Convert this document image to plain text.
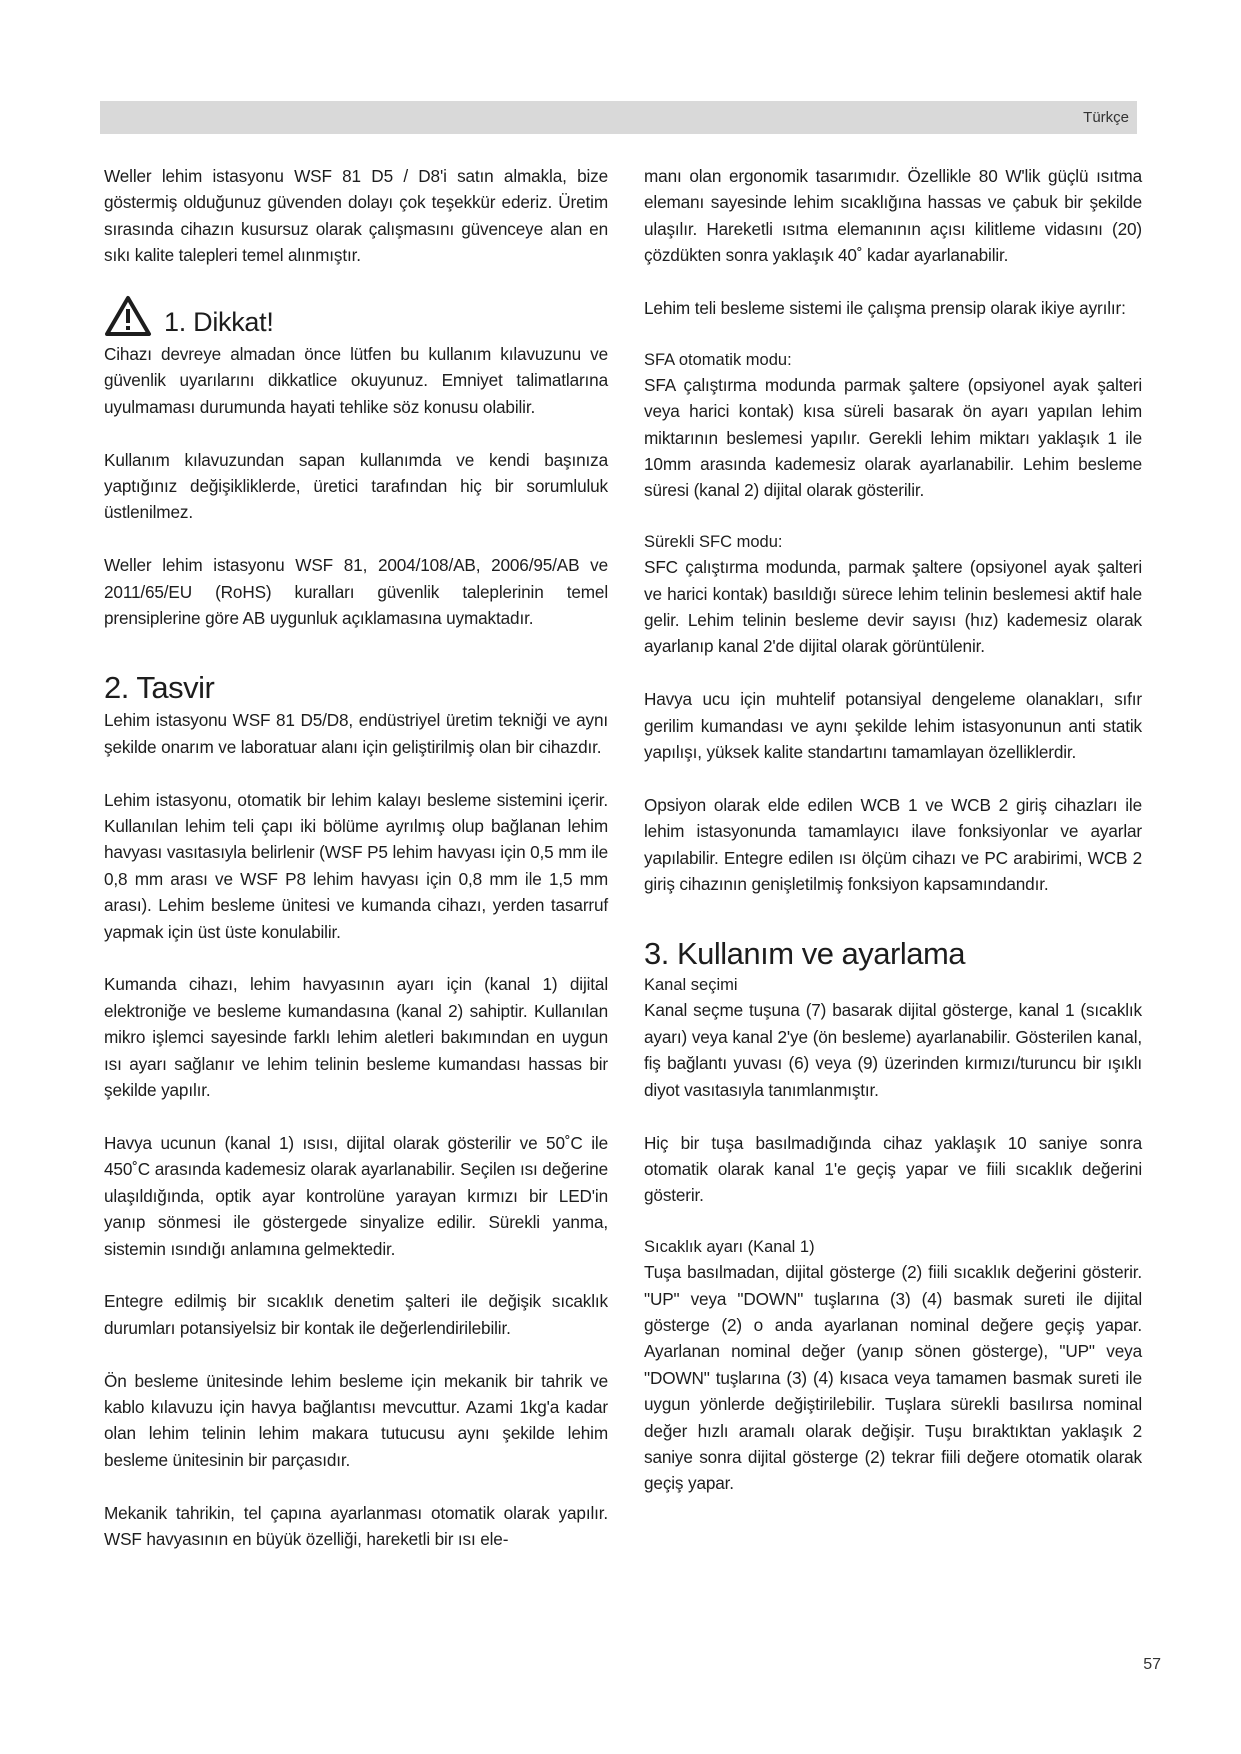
Türkçe

Weller lehim istasyonu WSF 81 D5 / D8'i satın almakla, bize göstermiş olduğunuz güvenden dolayı çok teşekkür ederiz. Üretim sırasında cihazın kusursuz olarak çalışmasını güvenceye alan en sıkı kalite talepleri temel alınmıştır.

1. Dikkat!

Cihazı devreye almadan önce lütfen bu kullanım kılavuzunu ve güvenlik uyarılarını dikkatlice okuyunuz. Emniyet talimatlarına uyulmaması durumunda hayati tehlike söz konusu olabilir.

Kullanım kılavuzundan sapan kullanımda ve kendi başınıza yaptığınız değişikliklerde, üretici tarafından hiç bir sorumluluk üstlenilmez.

Weller lehim istasyonu WSF 81, 2004/108/AB, 2006/95/AB ve 2011/65/EU (RoHS) kuralları güvenlik taleplerinin temel prensiplerine göre AB uygunluk açıklamasına uymaktadır.

2. Tasvir

Lehim istasyonu WSF 81 D5/D8, endüstriyel üretim tekniği ve aynı şekilde onarım ve laboratuar alanı için geliştirilmiş olan bir cihazdır.

Lehim istasyonu, otomatik bir lehim kalayı besleme sistemini içerir. Kullanılan lehim teli çapı iki bölüme ayrılmış olup bağlanan lehim havyası vasıtasıyla belirlenir (WSF P5 lehim havyası için 0,5 mm ile 0,8 mm arası ve WSF P8 lehim havyası için 0,8 mm ile 1,5 mm arası). Lehim besleme ünitesi ve kumanda cihazı, yerden tasarruf yapmak için üst üste konulabilir.

Kumanda cihazı, lehim havyasının ayarı için (kanal 1) dijital elektroniğe ve besleme kumandasına (kanal 2) sahiptir. Kullanılan mikro işlemci sayesinde farklı lehim aletleri bakımından en uygun ısı ayarı sağlanır ve lehim telinin besleme kumandası hassas bir şekilde yapılır.

Havya ucunun (kanal 1) ısısı, dijital olarak gösterilir ve 50˚C ile 450˚C arasında kademesiz olarak ayarlanabilir. Seçilen ısı değerine ulaşıldığında, optik ayar kontrolüne yarayan kırmızı bir LED'in yanıp sönmesi ile göstergede sinyalize edilir. Sürekli yanma, sistemin ısındığı anlamına gelmektedir.

Entegre edilmiş bir sıcaklık denetim şalteri ile değişik sıcaklık durumları potansiyelsiz bir kontak ile değerlendirilebilir.

Ön besleme ünitesinde lehim besleme için mekanik bir tahrik ve kablo kılavuzu için havya bağlantısı mevcuttur. Azami 1kg'a kadar olan lehim telinin lehim makara tutucusu aynı şekilde lehim besleme ünitesinin bir parçasıdır.

Mekanik tahrikin, tel çapına ayarlanması otomatik olarak yapılır. WSF havyasının en büyük özelliği, hareketli bir ısı ele-

manı olan ergonomik tasarımıdır. Özellikle 80 W'lik güçlü ısıtma elemanı sayesinde lehim sıcaklığına hassas ve çabuk bir şekilde ulaşılır. Hareketli ısıtma elemanının açısı kilitleme vidasını (20) çözdükten sonra yaklaşık 40˚ kadar ayarlanabilir.

Lehim teli besleme sistemi ile çalışma prensip olarak ikiye ayrılır:

SFA otomatik modu:

SFA çalıştırma modunda parmak şaltere (opsiyonel ayak şalteri veya harici kontak) kısa süreli basarak ön ayarı yapılan lehim miktarının beslemesi yapılır. Gerekli lehim miktarı yaklaşık 1 ile 10mm arasında kademesiz olarak ayarlanabilir. Lehim besleme süresi (kanal 2) dijital olarak gösterilir.

Sürekli SFC modu:

SFC çalıştırma modunda, parmak şaltere (opsiyonel ayak şalteri ve harici kontak) basıldığı sürece lehim telinin beslemesi aktif hale gelir. Lehim telinin besleme devir sayısı (hız) kademesiz olarak ayarlanıp kanal 2'de dijital olarak görüntülenir.

Havya ucu için muhtelif potansiyal dengeleme olanakları, sıfır gerilim kumandası ve aynı şekilde lehim istasyonunun anti statik yapılışı, yüksek kalite standartını tamamlayan özelliklerdir.

Opsiyon olarak elde edilen WCB 1 ve WCB 2 giriş cihazları ile lehim istasyonunda tamamlayıcı ilave fonksiyonlar ve ayarlar yapılabilir. Entegre edilen ısı ölçüm cihazı ve PC arabirimi, WCB 2 giriş cihazının genişletilmiş fonksiyon kapsamındandır.

3. Kullanım ve ayarlama
Kanal seçimi

Kanal seçme tuşuna (7) basarak dijital gösterge, kanal 1 (sıcaklık ayarı) veya kanal 2'ye (ön besleme) ayarlanabilir. Gösterilen kanal, fiş bağlantı yuvası (6) veya (9) üzerinden kırmızı/turuncu bir ışıklı diyot vasıtasıyla tanımlanmıştır.

Hiç bir tuşa basılmadığında cihaz yaklaşık 10 saniye sonra otomatik olarak kanal 1'e geçiş yapar ve fiili sıcaklık değerini gösterir.

Sıcaklık ayarı (Kanal 1)

Tuşa basılmadan, dijital gösterge (2) fiili sıcaklık değerini gösterir. "UP" veya "DOWN" tuşlarına (3) (4) basmak sureti ile dijital gösterge (2) o anda ayarlanan nominal değere geçiş yapar. Ayarlanan nominal değer (yanıp sönen gösterge), "UP" veya "DOWN" tuşlarına (3) (4) kısaca veya tamamen basmak sureti ile uygun yönlerde değiştirilebilir. Tuşlara sürekli basılırsa nominal değer hızlı aramalı olarak değişir. Tuşu bıraktıktan yaklaşık 2 saniye sonra dijital gösterge (2) tekrar fiili değere otomatik olarak geçiş yapar.

57
